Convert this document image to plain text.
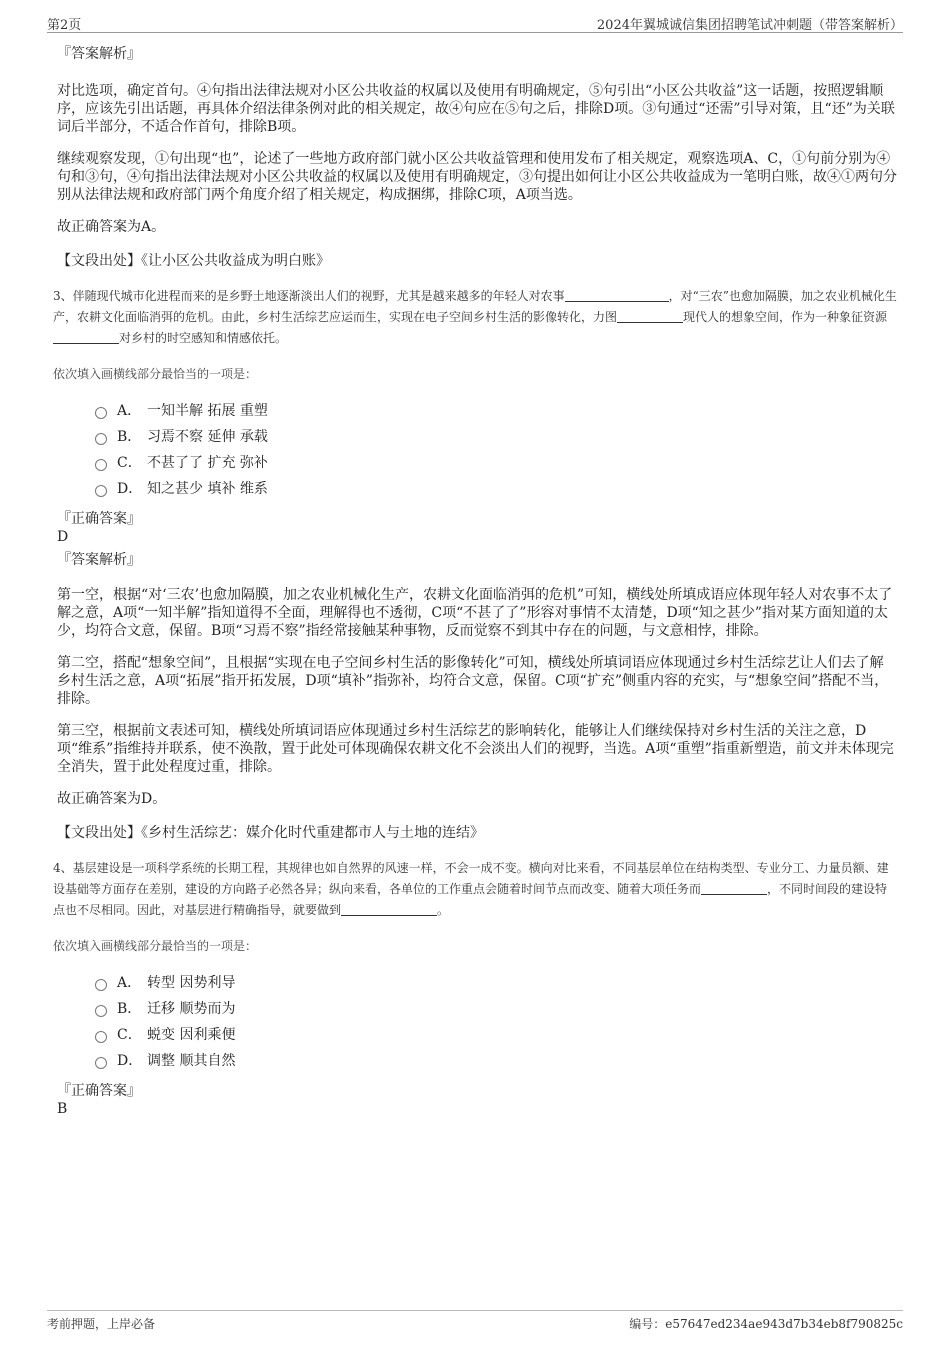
第2页	2024年翼城诚信集团招聘笔试冲刺题（带答案解析）

『答案解析』

对比选项，确定首句。④句指出法律法规对小区公共收益的权属以及使用有明确规定，⑤句引出“小区公共收益”这一话题，按照逻辑顺序，应该先引出话题，再具体介绍法律条例对此的相关规定，故④句应在⑤句之后，排除D项。③句通过“还需”引导对策，且“还”为关联词后半部分，不适合作首句，排除B项。

继续观察发现，①句出现“也”，论述了一些地方政府部门就小区公共收益管理和使用发布了相关规定，观察选项A、C，①句前分别为④句和③句，④句指出法律法规对小区公共收益的权属以及使用有明确规定，③句提出如何让小区公共收益成为一笔明白账，故④①两句分别从法律法规和政府部门两个角度介绍了相关规定，构成捆绑，排除C项，A项当选。

故正确答案为A。

【文段出处】《让小区公共收益成为明白账》

3、伴随现代城市化进程而来的是乡野土地逐渐淡出人们的视野，尤其是越来越多的年轻人对农事	，对“三农”也愈加隔膜，加之农业机械化生产，农耕文化面临消弭的危机。由此，乡村生活综艺应运而生，实现在电子空间乡村生活的影像转化，力图	现代人的想象空间，作为一种象征资源对乡村的时空感知和情感依托。

依次填入画横线部分最恰当的一项是：

A． 一知半解 拓展 重塑
B． 习焉不察 延伸 承载
C． 不甚了了 扩充 弥补
D． 知之甚少 填补 维系

『正确答案』

D

『答案解析』

第一空，根据“对‘三农’也愈加隔膜，加之农业机械化生产，农耕文化面临消弭的危机”可知，横线处所填成语应体现年轻人对农事不太了解之意，A项“一知半解”指知道得不全面，理解得也不透彻，C项“不甚了了”形容对事情不太清楚，D项“知之甚少”指对某方面知道的太少，均符合文意，保留。B项“习焉不察”指经常接触某种事物，反而觉察不到其中存在的问题，与文意相悖，排除。

第二空，搭配“想象空间”，且根据“实现在电子空间乡村生活的影像转化”可知，横线处所填词语应体现通过乡村生活综艺让人们去了解乡村生活之意，A项“拓展”指开拓发展，D项“填补”指弥补，均符合文意，保留。C项“扩充”侧重内容的充实，与“想象空间”搭配不当，排除。

第三空，根据前文表述可知，横线处所填词语应体现通过乡村生活综艺的影响转化，能够让人们继续保持对乡村生活的关注之意，D项“维系”指维持并联系，使不涣散，置于此处可体现确保农耕文化不会淡出人们的视野，当选。A项“重塑”指重新塑造，前文并未体现完全消失，置于此处程度过重，排除。

故正确答案为D。

【文段出处】《乡村生活综艺：媒介化时代重建都市人与土地的连结》

4、基层建设是一项科学系统的长期工程，其规律也如自然界的风速一样，不会一成不变。横向对比来看，不同基层单位在结构类型、专业分工、力量员额、建设基础等方面存在差别，建设的方向路子必然各异；纵向来看，各单位的工作重点会随着时间节点而改变、随着大项任务而	，不同时间段的建设特点也不尽相同。因此，对基层进行精确指导，就要做到	。

依次填入画横线部分最恰当的一项是：

A． 转型 因势利导
B． 迁移 顺势而为
C． 蜕变 因利乘便
D． 调整 顺其自然

『正确答案』

B

考前押题，上岸必备	编号：e57647ed234ae943d7b34eb8f790825c
